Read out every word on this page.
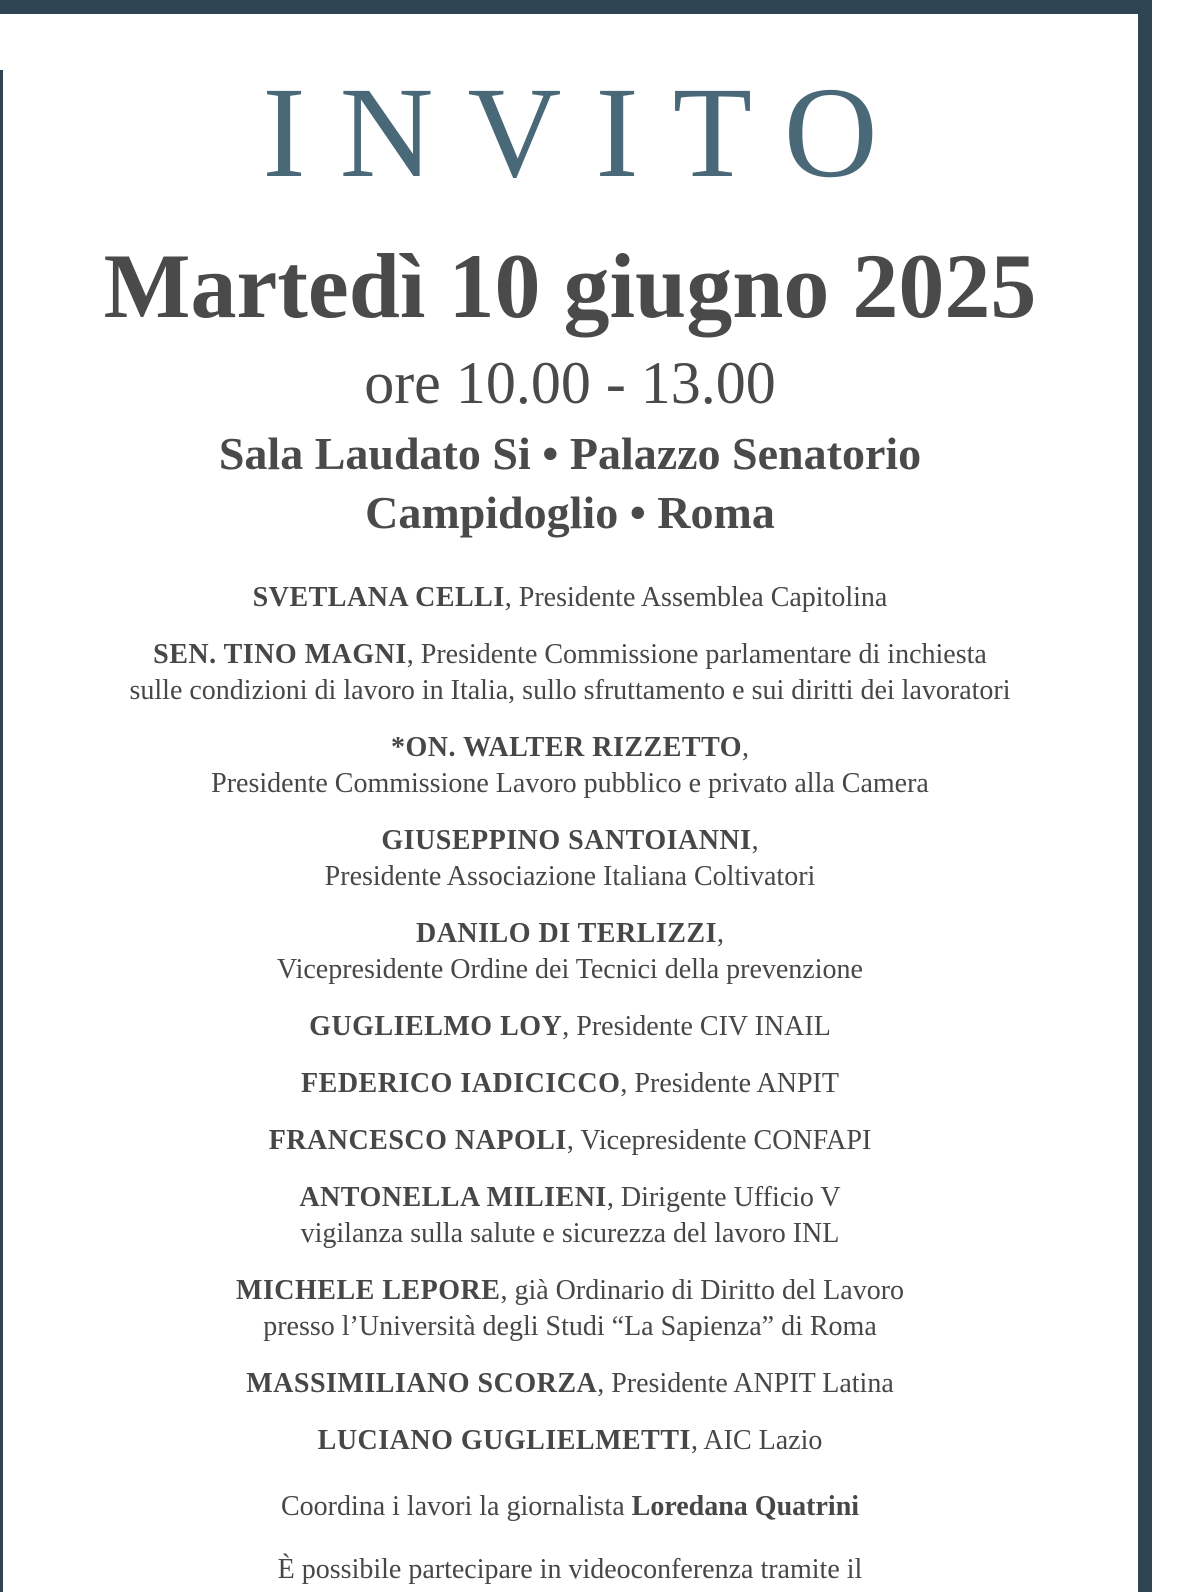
INVITO
Martedì 10 giugno 2025
ore 10.00 - 13.00
Sala Laudato Si • Palazzo Senatorio
Campidoglio • Roma
SVETLANA CELLI, Presidente Assemblea Capitolina
SEN. TINO MAGNI, Presidente Commissione parlamentare di inchiesta
sulle condizioni di lavoro in Italia, sullo sfruttamento e sui diritti dei lavoratori
*ON. WALTER RIZZETTO,
Presidente Commissione Lavoro pubblico e privato alla Camera
GIUSEPPINO SANTOIANNI,
Presidente Associazione Italiana Coltivatori
DANILO DI TERLIZZI,
Vicepresidente Ordine dei Tecnici della prevenzione
GUGLIELMO LOY, Presidente CIV INAIL
FEDERICO IADICICCO, Presidente ANPIT
FRANCESCO NAPOLI, Vicepresidente CONFAPI
ANTONELLA MILIENI, Dirigente Ufficio V
vigilanza sulla salute e sicurezza del lavoro INL
MICHELE LEPORE, già Ordinario di Diritto del Lavoro
presso l’Università degli Studi “La Sapienza” di Roma
MASSIMILIANO SCORZA, Presidente ANPIT Latina
LUCIANO GUGLIELMETTI, AIC Lazio
Coordina i lavori la giornalista Loredana Quatrini
È possibile partecipare in videoconferenza tramite il
